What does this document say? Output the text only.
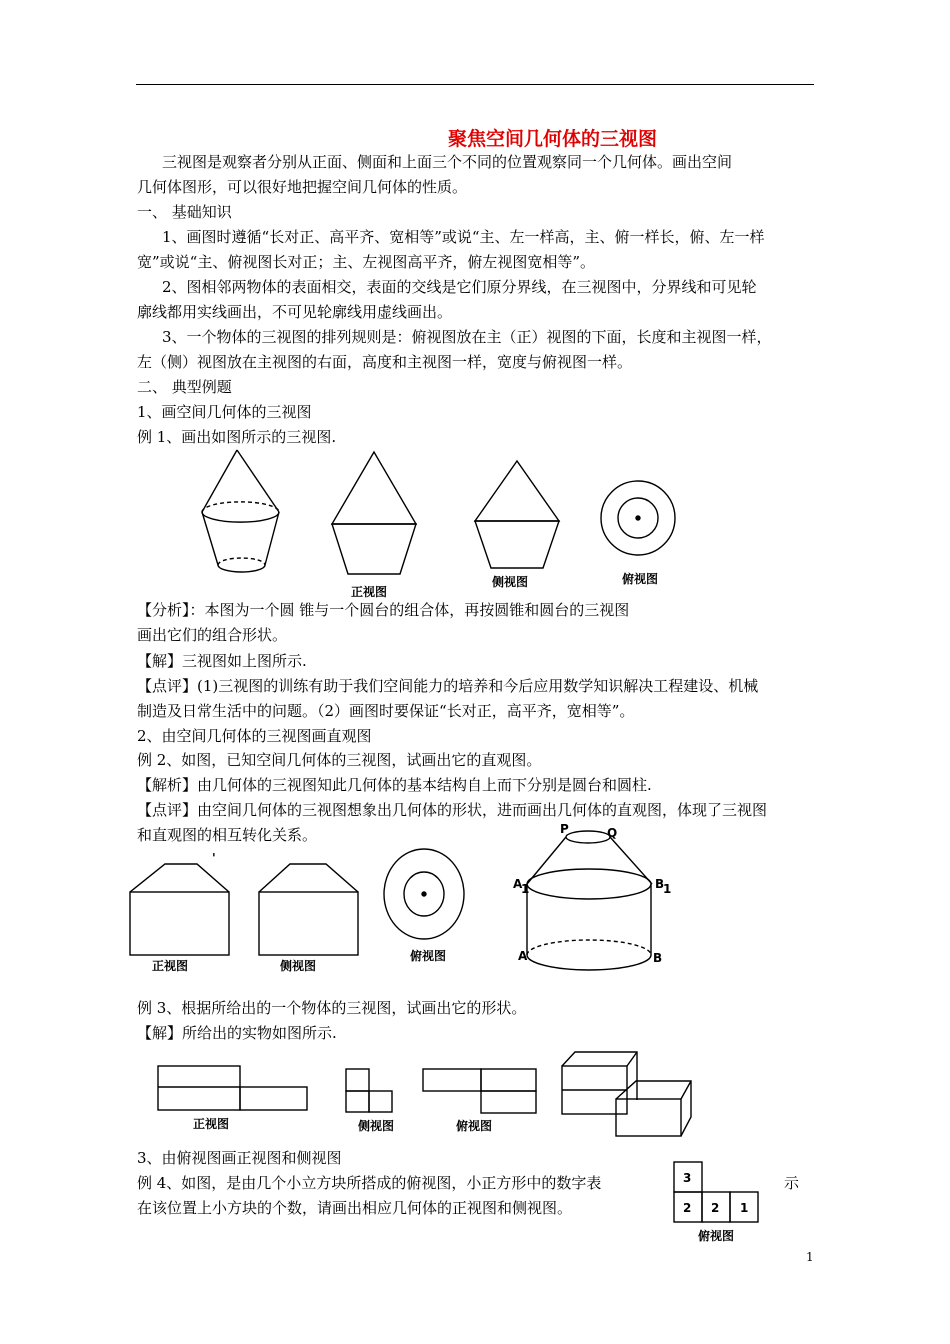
聚焦空间几何体的三视图
三视图是观察者分别从正面、侧面和上面三个不同的位置观察同一个几何体。画出空间
几何体图形，可以很好地把握空间几何体的性质。
一、 基础知识
1、画图时遵循“长对正、高平齐、宽相等”或说“主、左一样高，主、俯一样长，俯、左一样
宽”或说“主、俯视图长对正；主、左视图高平齐，俯左视图宽相等”。
2、图相邻两物体的表面相交，表面的交线是它们原分界线，在三视图中，分界线和可见轮
廓线都用实线画出，不可见轮廓线用虚线画出。
3、一个物体的三视图的排列规则是：俯视图放在主（正）视图的下面，长度和主视图一样，
左（侧）视图放在主视图的右面，高度和主视图一样，宽度与俯视图一样。
二、 典型例题
1、画空间几何体的三视图
例 1、画出如图所示的三视图.
【分析】：本图为一个圆 锥与一个圆台的组合体，再按圆锥和圆台的三视图
画出它们的组合形状。
【解】三视图如上图所示.
【点评】(1)三视图的训练有助于我们空间能力的培养和今后应用数学知识解决工程建设、机械
制造及日常生活中的问题。（2）画图时要保证“长对正，高平齐，宽相等”。
2、由空间几何体的三视图画直观图
例 2、如图，已知空间几何体的三视图，试画出它的直观图。
【解析】由几何体的三视图知此几何体的基本结构自上而下分别是圆台和圆柱.
【点评】由空间几何体的三视图想象出几何体的形状，进而画出几何体的直观图，体现了三视图
和直观图的相互转化关系。
例 3、根据所给出的一个物体的三视图，试画出它的形状。
【解】所给出的实物如图所示.
3、由俯视图画正视图和侧视图
例 4、如图，是由几个小立方块所搭成的俯视图，小正方形中的数字表	示
在该位置上小方块的个数，请画出相应几何体的正视图和侧视图。
正视图
侧视图	俯视图
正视图	侧视图
俯视图
'
P	Q
A
1	B
1
A	B
正视图	侧视图	俯视图
3
2 2 1
俯视图
1
